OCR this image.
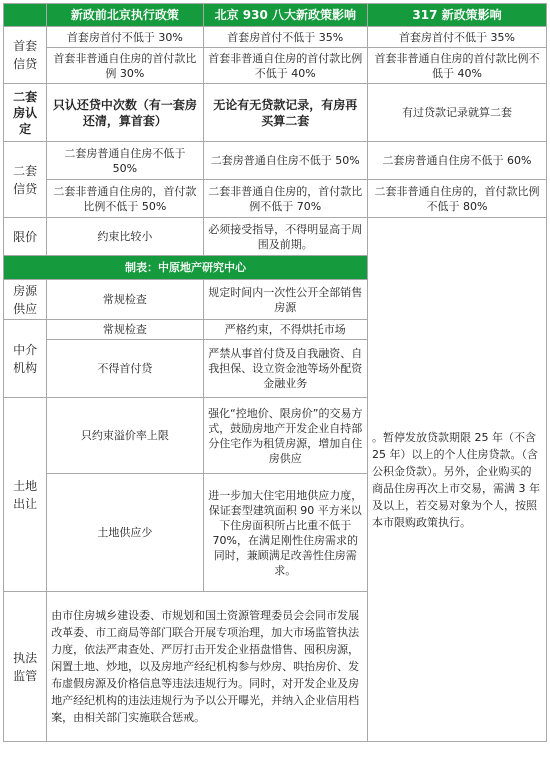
	新政前北京执行政策	北京 930 八大新政策影响	317 新政策影响
首套信贷	首套房首付不低于 30%	首套房首付不低于 35%	首套房首付不低于 35%
	首套非普通自住房的首付款比例 30%	首套非普通自住房的首付款比例不低于 40%	首套非普通自住房的首付款比例不低于 40%
二套房认定	只认还贷中次数（有一套房还清，算首套）	无论有无贷款记录，有房再买算二套	有过贷款记录就算二套
二套信贷	二套房普通自住房不低于 50%	二套房普通自住房不低于 50%	二套房普通自住房不低于 60%
	二套非普通自住房的，首付款比例不低于 50%	二套非普通自住房的，首付款比例不低于 70%	二套非普通自住房的，首付款比例不低于 80%
限价	约束比较小	必须接受指导，不得明显高于周围及前期。	。暂停发放贷款期限 25 年（不含 25 年）以上的个人住房贷款。（含公积金贷款）。另外，企业购买的商品住房再次上市交易，需满 3 年及以上，若交易对象为个人，按照本市限购政策执行。
制表：中原地产研究中心			
房源供应	常规检查	规定时间内一次性公开全部销售房源	
中介机构	常规检查	严格约束，不得烘托市场	
	不得首付贷	严禁从事首付贷及自我融资、自我担保、设立资金池等场外配资金融业务	
土地出让	只约束溢价率上限	强化“控地价、限房价”的交易方式，鼓励房地产开发企业自持部分住宅作为租赁房源，增加自住房供应	
	土地供应少	进一步加大住宅用地供应力度，保证套型建筑面积 90 平方米以下住房面积所占比重不低于 70%，在满足刚性住房需求的同时，兼顾满足改善性住房需求。	
执法监管	由市住房城乡建设委、市规划和国土资源管理委员会会同市发展改革委、市工商局等部门联合开展专项治理，加大市场监管执法力度，依法严肃查处、严厉打击开发企业捂盘惜售、囤积房源，闲置土地、炒地，以及房地产经纪机构参与炒房、哄抬房价、发布虚假房源及价格信息等违法违规行为。同时，对开发企业及房地产经纪机构的违法违规行为予以公开曝光，并纳入企业信用档案，由相关部门实施联合惩戒。		
